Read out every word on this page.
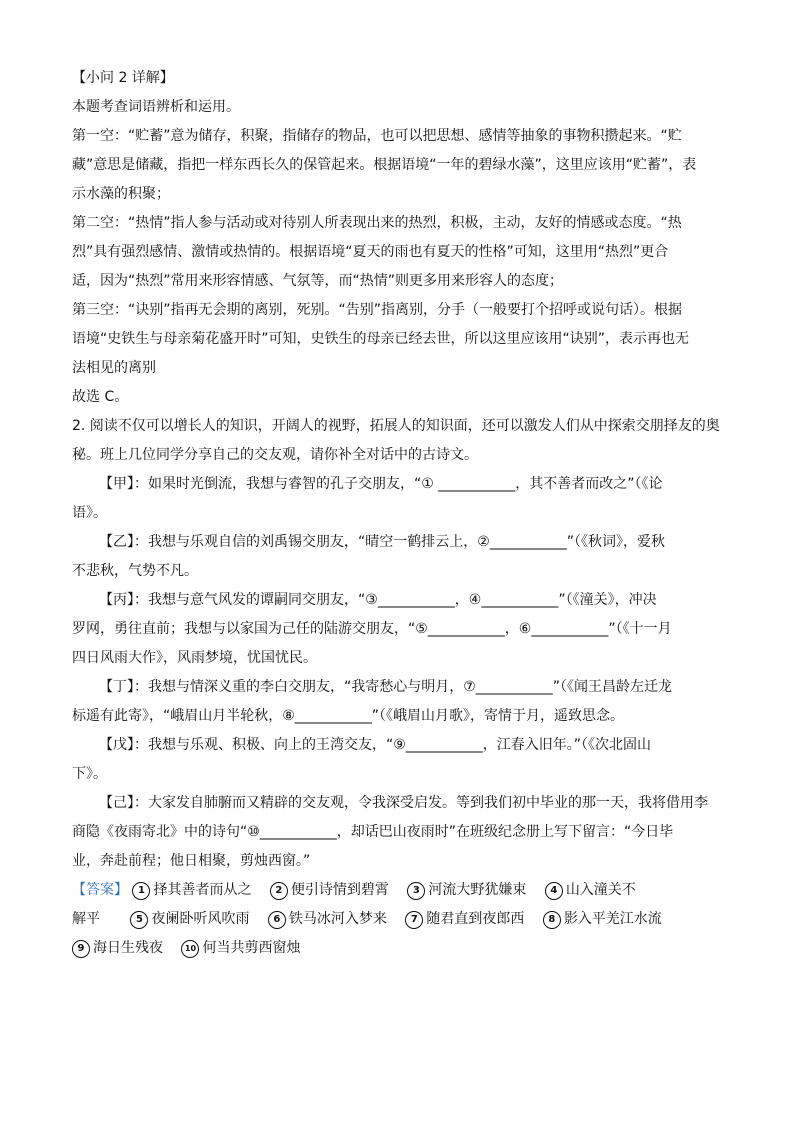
【小问 2 详解】
本题考查词语辨析和运用。
第一空：“贮蓄”意为储存，积聚，指储存的物品，也可以把思想、感情等抽象的事物积攒起来。“贮
藏”意思是储藏，指把一样东西长久的保管起来。根据语境“一年的碧绿水藻”，这里应该用“贮蓄”，表
示水藻的积聚；
第二空：“热情”指人参与活动或对待别人所表现出来的热烈，积极，主动，友好的情感或态度。“热
烈”具有强烈感情、激情或热情的。根据语境“夏天的雨也有夏天的性格”可知，这里用“热烈”更合
适，因为“热烈”常用来形容情感、气氛等，而“热情”则更多用来形容人的态度；
第三空：“诀别”指再无会期的离别，死别。“告别”指离别，分手（一般要打个招呼或说句话）。根据
语境“史铁生与母亲菊花盛开时”可知，史铁生的母亲已经去世，所以这里应该用“诀别”，表示再也无
法相见的离别
故选 C。
2. 阅读不仅可以增长人的知识，开阔人的视野，拓展人的知识面，还可以激发人们从中探索交朋择友的奥
秘。班上几位同学分享自己的交友观，请你补全对话中的古诗文。
【甲】：如果时光倒流，我想与睿智的孔子交朋友，“① ___________，其不善者而改之”（《论
语》。
【乙】：我想与乐观自信的刘禹锡交朋友，“晴空一鹤排云上，②___________”（《秋词》，爱秋
不悲秋，气势不凡。
【丙】：我想与意气风发的谭嗣同交朋友，“③___________，④___________”（《潼关》，冲决
罗网，勇往直前；我想与以家国为己任的陆游交朋友，“⑤___________，⑥___________”（《十一月
四日风雨大作》，风雨梦境，忧国忧民。
【丁】：我想与情深义重的李白交朋友，“我寄愁心与明月，⑦___________”（《闻王昌龄左迁龙
标遥有此寄》，“峨眉山月半轮秋，⑧___________”（《峨眉山月歌》，寄情于月，遥致思念。
【戊】：我想与乐观、积极、向上的王湾交友，“⑨___________，江春入旧年。”（《次北固山
下》。
【己】：大家发自肺腑而又精辟的交友观，令我深受启发。等到我们初中毕业的那一天，我将借用李
商隐《夜雨寄北》中的诗句“⑩___________，却话巴山夜雨时”在班级纪念册上写下留言：“今日毕
业，奔赴前程；他日相聚，剪烛西窗。”
【答案】 1 择其善者而从之 2 便引诗情到碧霄 3 河流大野犹嫌束 4 山入潼关不
解平	5 夜阑卧听风吹雨 6 铁马冰河入梦来 7 随君直到夜郎西 8 影入平羌江水流
9 海日生残夜	10 何当共剪西窗烛
